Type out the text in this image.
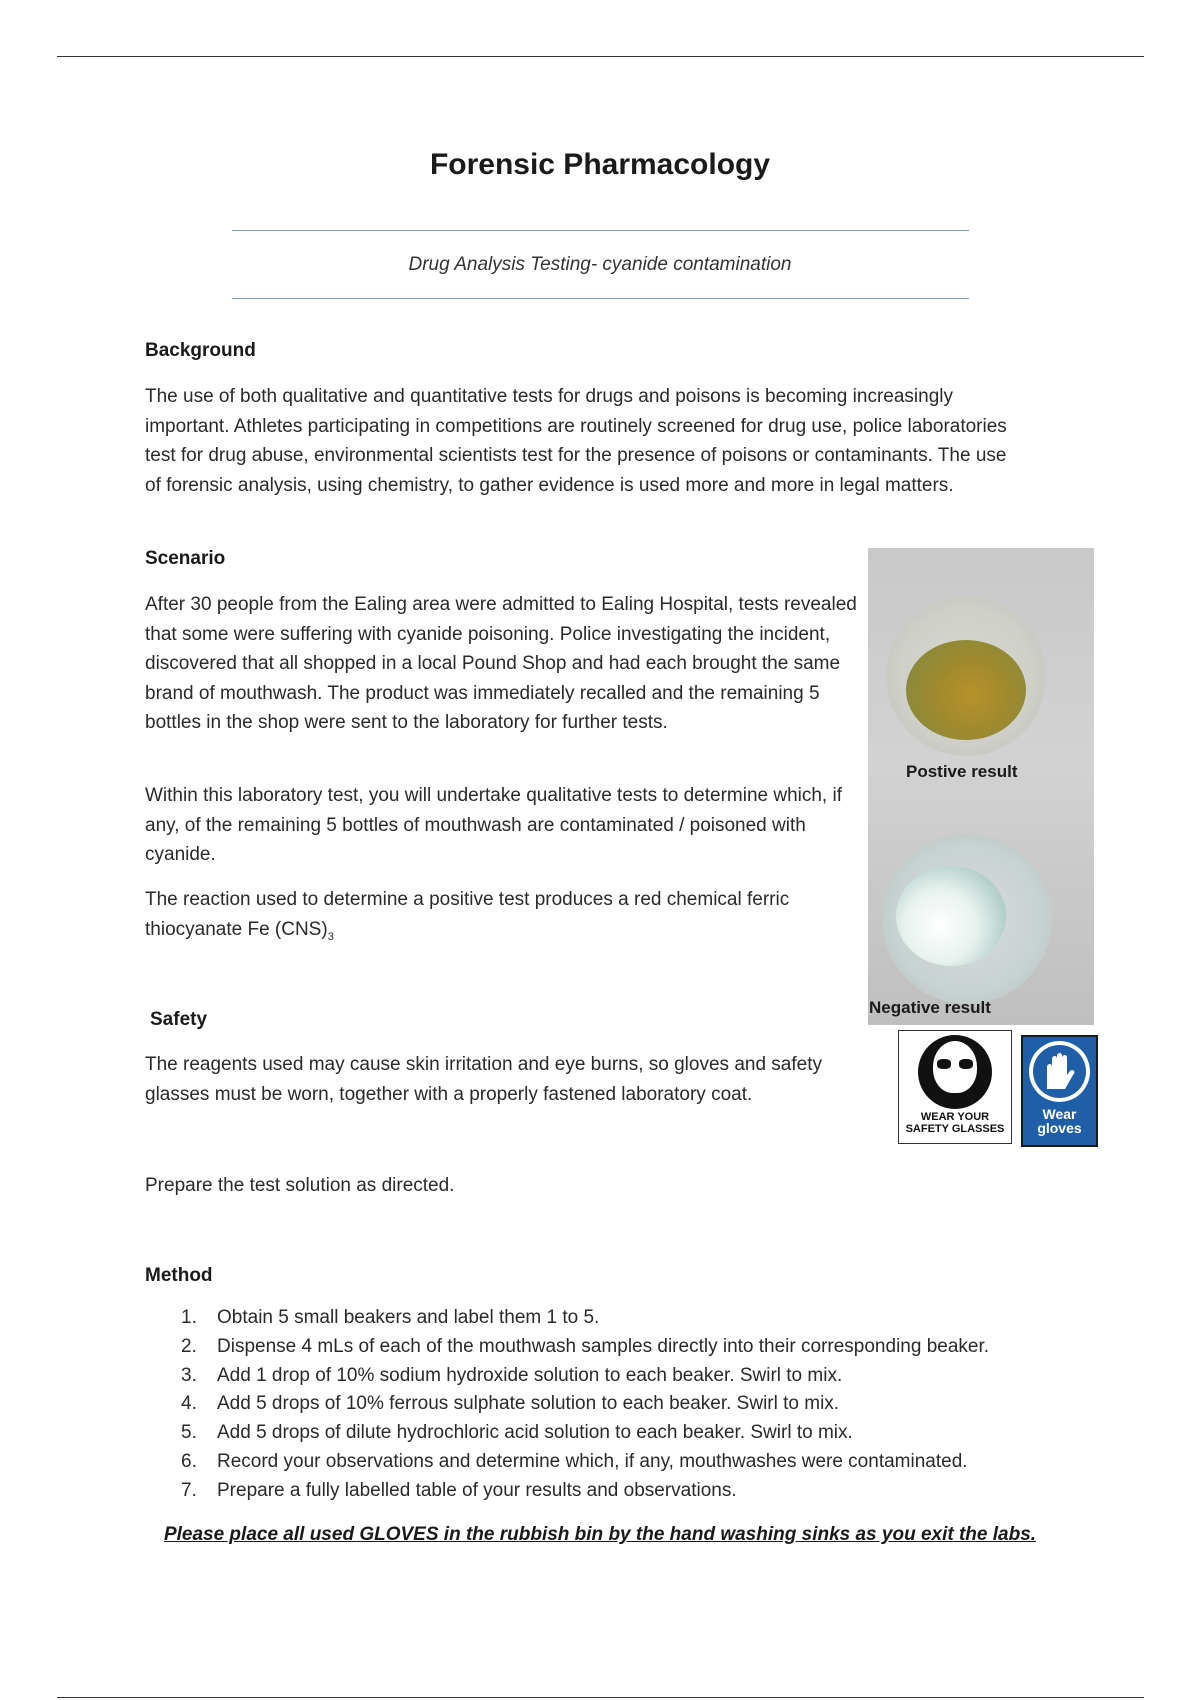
Forensic Pharmacology
Drug Analysis Testing- cyanide contamination
Background

The use of both qualitative and quantitative tests for drugs and poisons is becoming increasingly important. Athletes participating in competitions are routinely screened for drug use, police laboratories test for drug abuse, environmental scientists test for the presence of poisons or contaminants. The use of forensic analysis, using chemistry, to gather evidence is used more and more in legal matters.

Scenario

After 30 people from the Ealing area were admitted to Ealing Hospital, tests revealed that some were suffering with cyanide poisoning. Police investigating the incident, discovered that all shopped in a local Pound Shop and had each brought the same brand of mouthwash. The product was immediately recalled and the remaining 5 bottles in the shop were sent to the laboratory for further tests.

Within this laboratory test, you will undertake qualitative tests to determine which, if any, of the remaining 5 bottles of mouthwash are contaminated / poisoned with cyanide.

The reaction used to determine a positive test produces a red chemical ferric thiocyanate Fe $(CNS)_3$

Postive result
Negative result
Safety

The reagents used may cause skin irritation and eye burns, so gloves and safety glasses must be worn, together with a properly fastened laboratory coat.

WEAR YOUR
SAFETY GLASSES
Wear
gloves

Prepare the test solution as directed.

Method
1. Obtain 5 small beakers and label them 1 to 5.
2. Dispense 4 mLs of each of the mouthwash samples directly into their corresponding beaker.
3. Add 1 drop of 10% sodium hydroxide solution to each beaker. Swirl to mix.
4. Add 5 drops of 10% ferrous sulphate solution to each beaker. Swirl to mix.
5. Add 5 drops of dilute hydrochloric acid solution to each beaker. Swirl to mix.
6. Record your observations and determine which, if any, mouthwashes were contaminated.
7. Prepare a fully labelled table of your results and observations.
Please place all used GLOVES in the rubbish bin by the hand washing sinks as you exit the labs.
